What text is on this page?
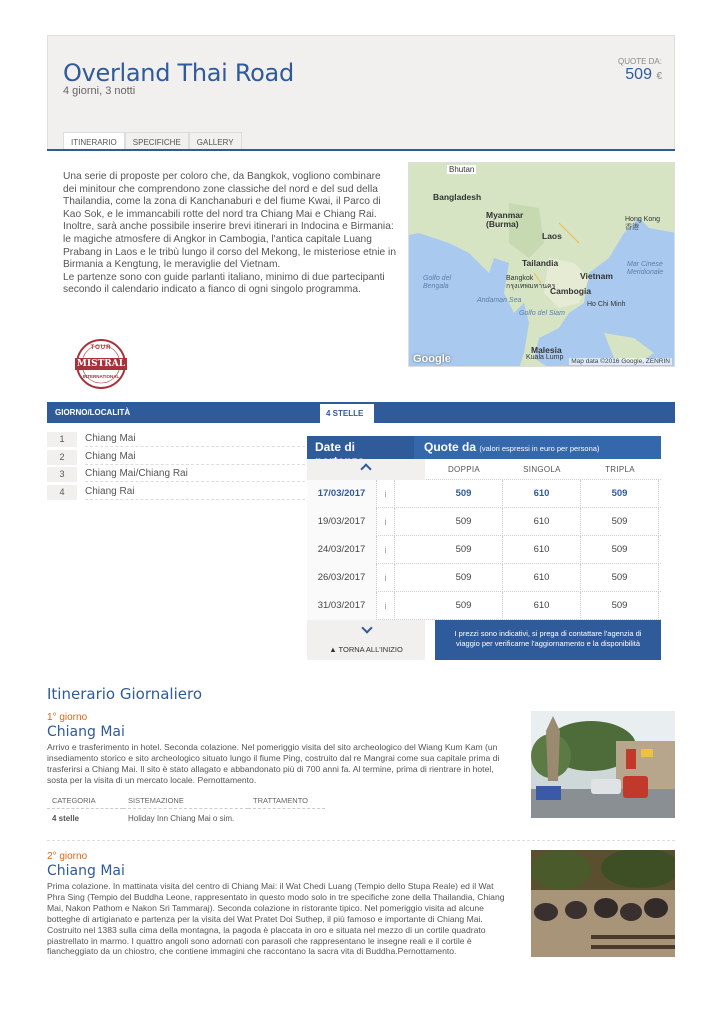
Overland Thai Road
4 giorni, 3 notti
QUOTE DA:
509 €
ITINERARIO	SPECIFICHE	GALLERY

Una serie di proposte per coloro che, da Bangkok, vogliono combinare dei minitour che comprendono zone classiche del nord e del sud della Thailandia, come la zona di Kanchanaburi e del fiume Kwai, il Parco di Kao Sok, e le immancabili rotte del nord tra Chiang Mai e Chiang Rai. Inoltre, sarà anche possibile inserire brevi itinerari in Indocina e Birmania: le magiche atmosfere di Angkor in Cambogia, l'antica capitale Luang Prabang in Laos e le tribù lungo il corso del Mekong, le misteriose etnie in Birmania a Kengtung, le meraviglie del Vietnam.

Le partenze sono con guide parlanti italiano, minimo di due partecipanti secondo il calendario indicato a fianco di ogni singolo programma.

Bhutan
Bangladesh
Myanmar
(Burma)
Laos
Hong Kong
香港
Tailandia
Vietnam
Bangkok
กรุงเทพมหานคร
Cambogia
Golfo del
Bengala
Andaman Sea
Mar Cinese
Meridionale
Golfo del Siam
Ho Chi Minh
Malesia
Kuala Lump
Google	Map data ©2016 Google, ZENRIN
TOUR
MISTRAL
INTERNATIONAL
GIORNO/LOCALITÀ	4 STELLE
1	Chiang Mai
2	Chiang Mai
3	Chiang Mai/Chiang Rai
4	Chiang Rai
Date di	Quote da (valori espressi in euro per persona)
DOPPIA	SINGOLA	TRIPLA
17/03/2017	i	509	610	509
19/03/2017	i	509	610	509
24/03/2017	i	509	610	509
26/03/2017	i	509	610	509
31/03/2017	i	509	610	509
▲ TORNA ALL'INIZIO
I prezzi sono indicativi, si prega di contattare l'agenzia di viaggio per verificarne l'aggiornamento e la disponibilità
Itinerario Giornaliero
1° giorno
Chiang Mai
Arrivo e trasferimento in hotel. Seconda colazione. Nel pomeriggio visita del sito archeologico del Wiang Kum Kam (un insediamento storico e sito archeologico situato lungo il fiume Ping, costruito dal re Mangrai come sua capitale prima di trasferirsi a Chiang Mai. Il sito è stato allagato e abbandonato più di 700 anni fa. Al termine, prima di rientrare in hotel, sosta per la visita di un mercato locale. Pernottamento.
CATEGORIA	SISTEMAZIONE	TRATTAMENTO
4 stelle	Holiday Inn Chiang Mai o sim.
2° giorno
Chiang Mai
Prima colazione. In mattinata visita del centro di Chiang Mai: il Wat Chedi Luang (Tempio dello Stupa Reale) ed il Wat Phra Sing (Tempio del Buddha Leone, rappresentato in questo modo solo in tre specifiche zone della Thailandia, Chiang Mai, Nakon Pathom e Nakon Sri Tammaraj). Seconda colazione in ristorante tipico. Nel pomeriggio visita ad alcune botteghe di artigianato e partenza per la visita del Wat Pratet Doi Suthep, il più famoso e importante di Chiang Mai. Costruito nel 1383 sulla cima della montagna, la pagoda è placcata in oro e situata nel mezzo di un cortile quadrato piastrellato in marmo. I quattro angoli sono adornati con parasoli che rappresentano le insegne reali e il cortile è fiancheggiato da un chiostro, che contiene immagini che raccontano la sacra vita di Buddha.Pernottamento.
